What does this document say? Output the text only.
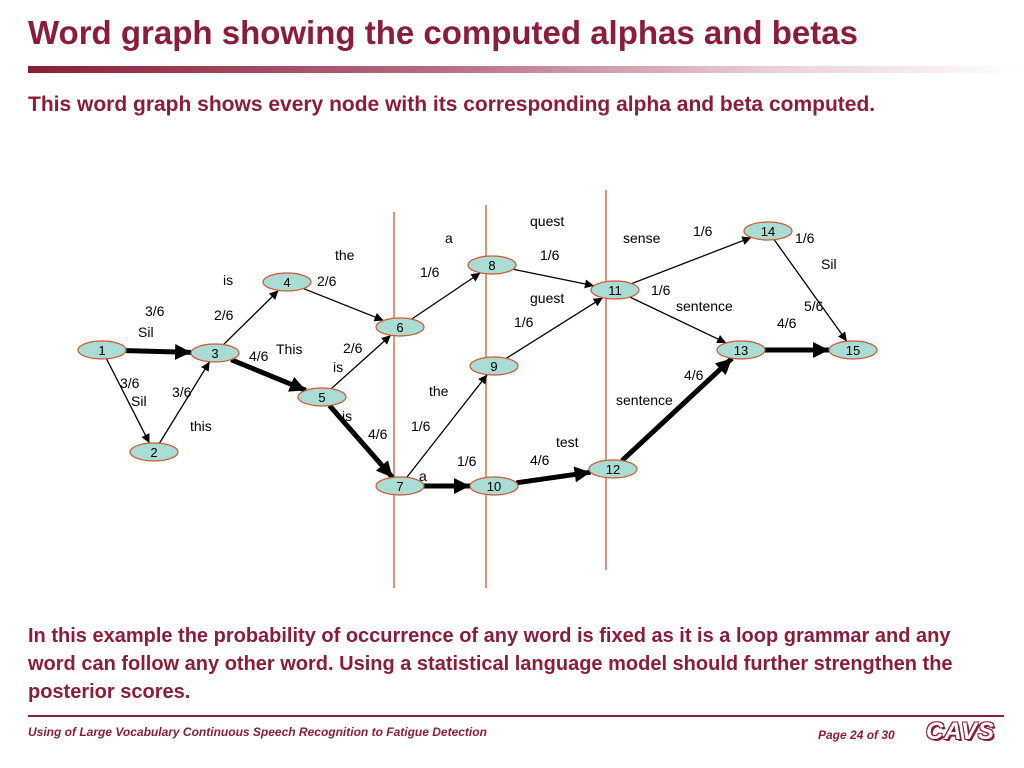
Word graph showing the computed alphas and betas

This word graph shows every node with its corresponding alpha and beta computed.

1
2
3
4
5
6
7
8
9
10
11
12
13
14
15
3/6
Sil
3/6
Sil
3/6
this
2/6
is
4/6 This
2/6
is
2/6
is
4/6
the
1/6
a
1/6
the
1/6
a
4/6
1/6
quest
1/6
guest
test
4/6
sense 1/6
1/6
sentence
1/6
Sil
sentence
4/6
5/6

In this example the probability of occurrence of any word is fixed as it is a loop grammar and any word can follow any other word. Using a statistical language model should further strengthen the posterior scores.

Using of Large Vocabulary Continuous Speech Recognition to Fatigue Detection	Page 24 of 30 CAVS
